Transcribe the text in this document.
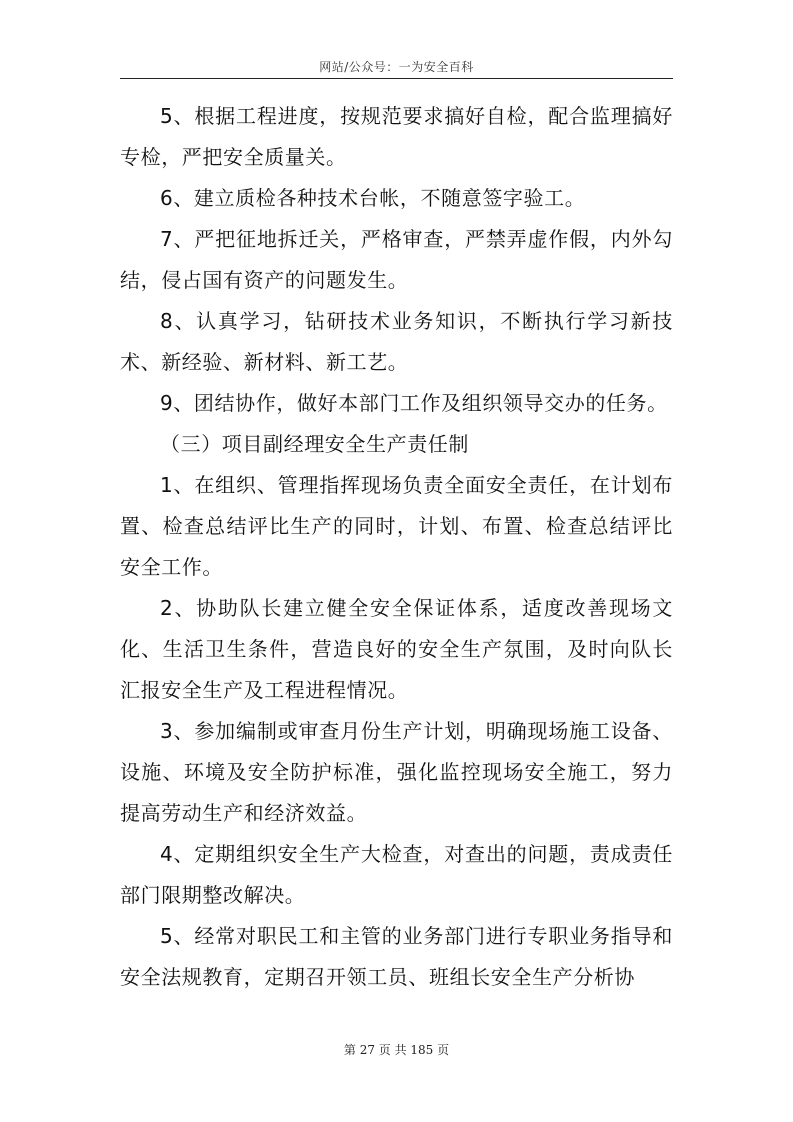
网站/公众号：一为安全百科

5、根据工程进度，按规范要求搞好自检，配合监理搞好专检，严把安全质量关。

6、建立质检各种技术台帐，不随意签字验工。

7、严把征地拆迁关，严格审查，严禁弄虚作假，内外勾结，侵占国有资产的问题发生。

8、认真学习，钻研技术业务知识，不断执行学习新技术、新经验、新材料、新工艺。

9、团结协作，做好本部门工作及组织领导交办的任务。

（三）项目副经理安全生产责任制

1、在组织、管理指挥现场负责全面安全责任，在计划布置、检查总结评比生产的同时，计划、布置、检查总结评比安全工作。

2、协助队长建立健全安全保证体系，适度改善现场文化、生活卫生条件，营造良好的安全生产氛围，及时向队长汇报安全生产及工程进程情况。

3、参加编制或审查月份生产计划，明确现场施工设备、设施、环境及安全防护标准，强化监控现场安全施工，努力提高劳动生产和经济效益。

4、定期组织安全生产大检查，对查出的问题，责成责任部门限期整改解决。

5、经常对职民工和主管的业务部门进行专职业务指导和安全法规教育，定期召开领工员、班组长安全生产分析协

第 27 页 共 185 页
